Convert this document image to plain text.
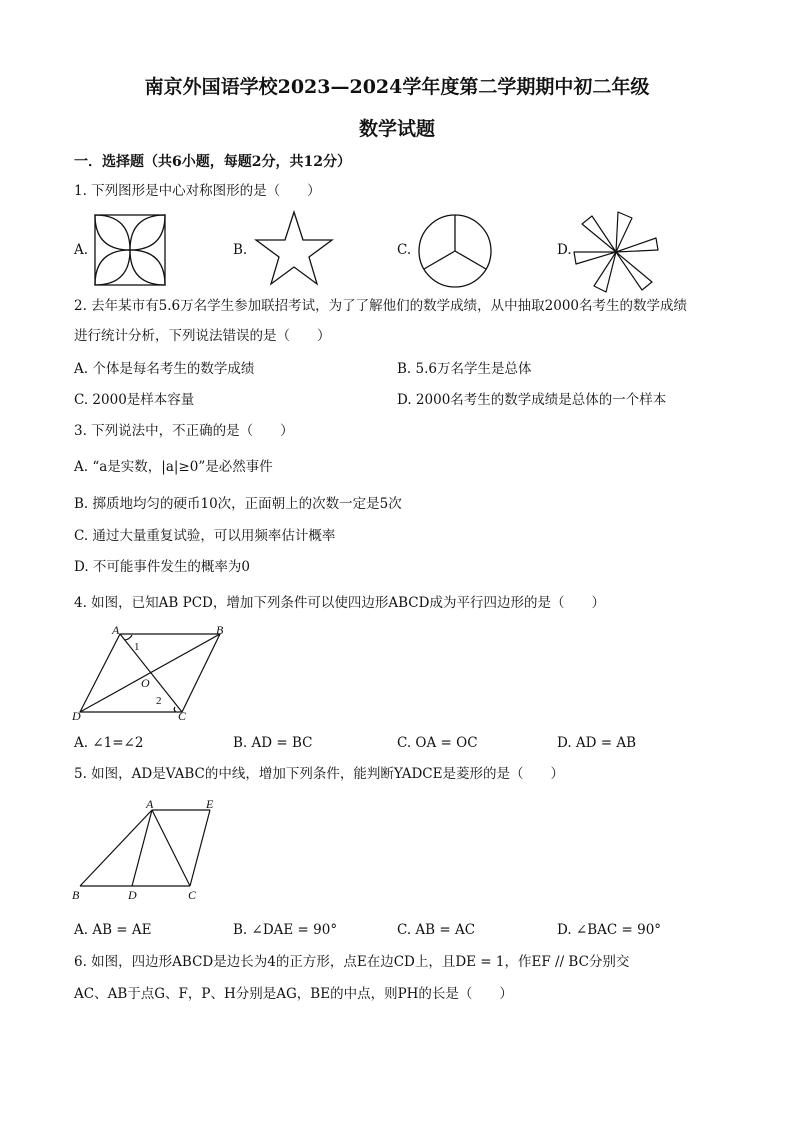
南京外国语学校2023—2024学年度第二学期期中初二年级
数学试题
一．选择题（共6小题，每题2分，共12分）
1. 下列图形是中心对称图形的是（　　）
A.	B.	C.	D.
2. 去年某市有5.6万名学生参加联招考试，为了了解他们的数学成绩，从中抽取2000名考生的数学成绩
进行统计分析，下列说法错误的是（　　）
A. 个体是每名考生的数学成绩	B. 5.6万名学生是总体
C. 2000是样本容量	D. 2000名考生的数学成绩是总体的一个样本
3. 下列说法中，不正确的是（　　）
A. “a是实数，|a|≥0”是必然事件
B. 掷质地均匀的硬币10次，正面朝上的次数一定是5次
C. 通过大量重复试验，可以用频率估计概率
D. 不可能事件发生的概率为0
4. 如图，已知AB PCD，增加下列条件可以使四边形ABCD成为平行四边形的是（　　）
A	B
C
D
O
1
2
A. ∠1=∠2	B. AD = BC	C. OA = OC	D. AD = AB
5. 如图，AD是VABC的中线，增加下列条件，能判断YADCE是菱形的是（　　）
A	E
B	D	C
A. AB = AE	B. ∠DAE = 90°	C. AB = AC	D. ∠BAC = 90°
6. 如图，四边形ABCD是边长为4的正方形，点E在边CD上，且DE = 1，作EF // BC分别交
AC、AB于点G、F，P、H分别是AG，BE的中点，则PH的长是（　　）
